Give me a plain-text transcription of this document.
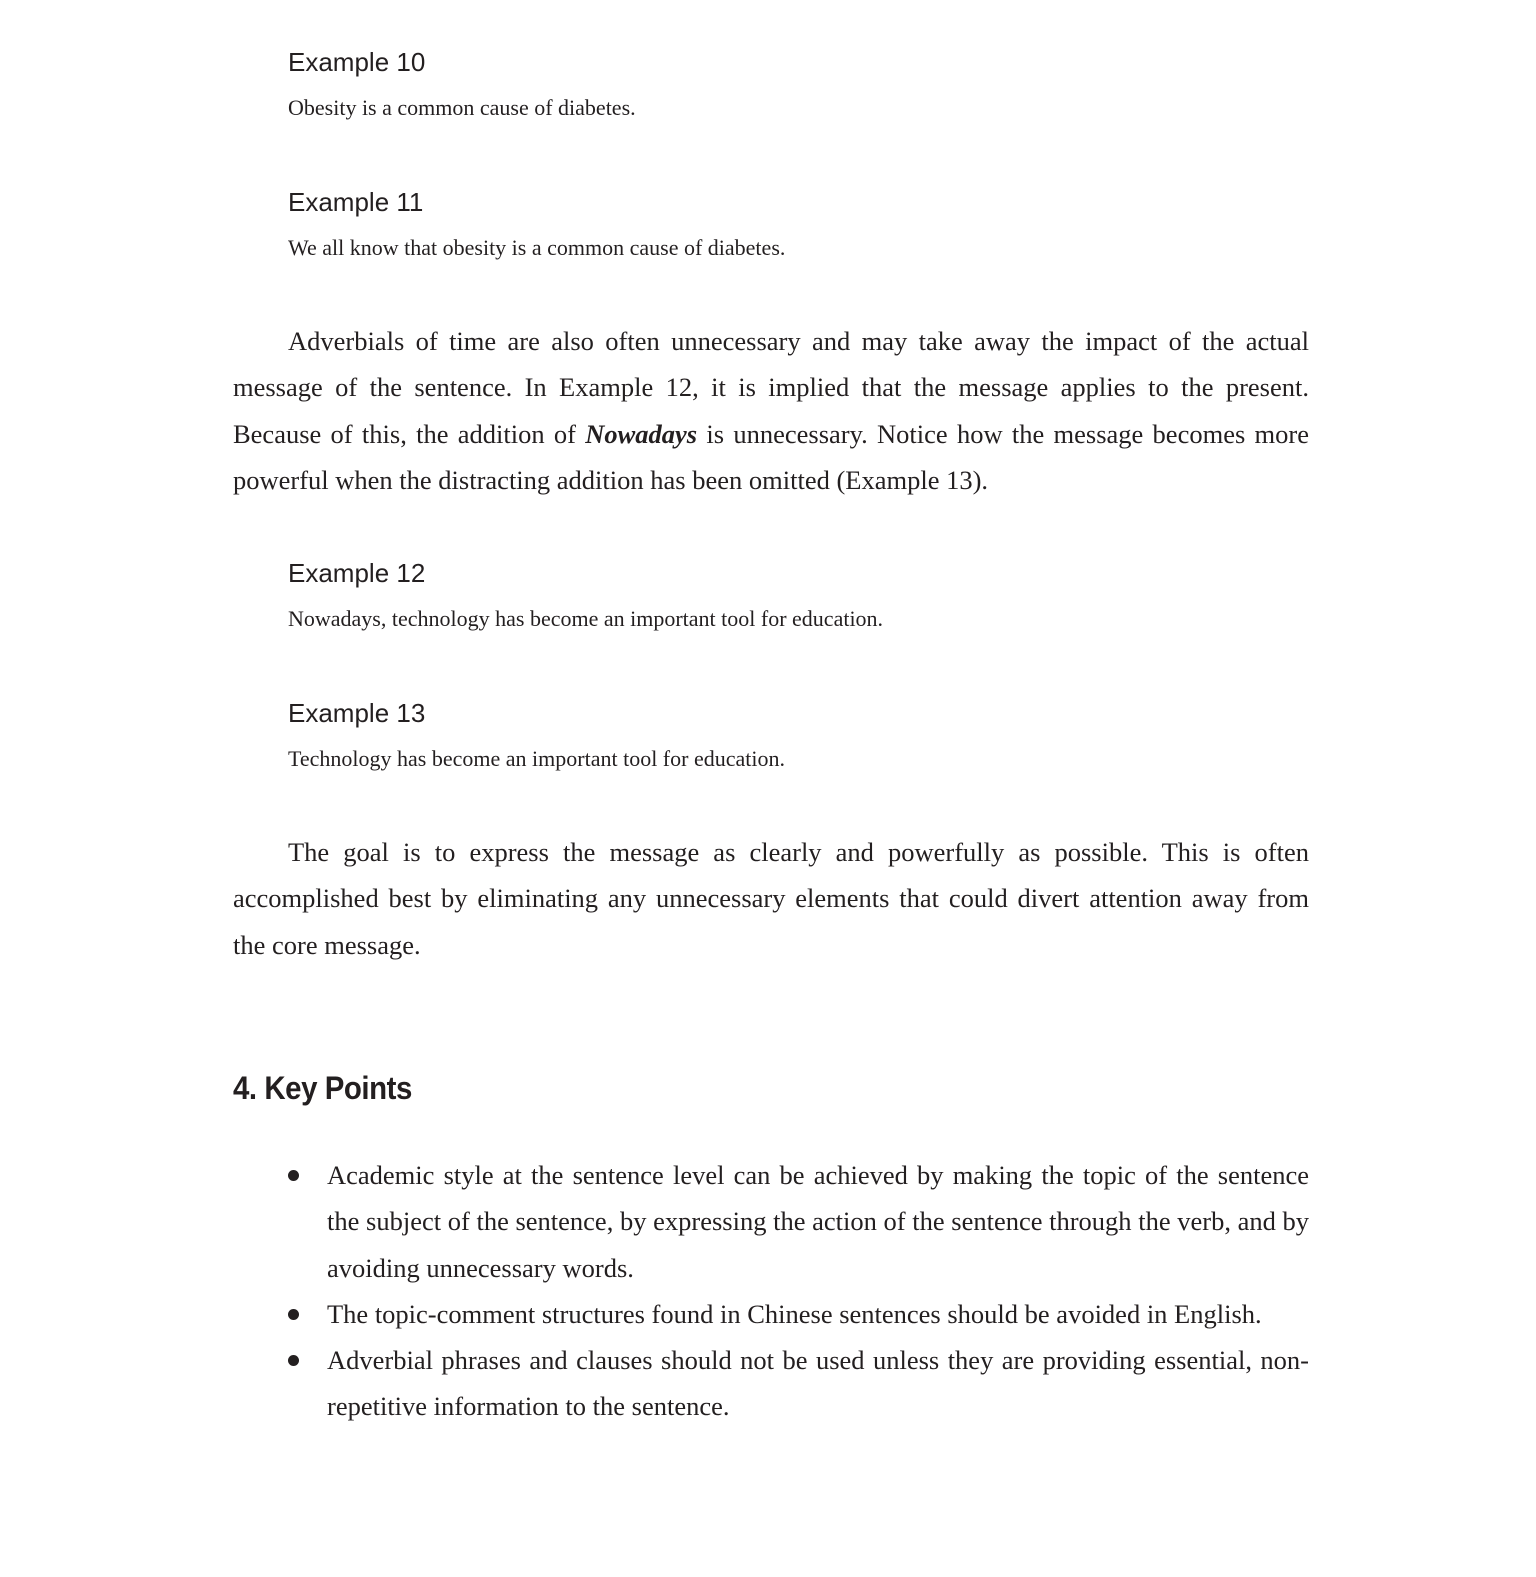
Example 10
Obesity is a common cause of diabetes.
Example 11
We all know that obesity is a common cause of diabetes.

Adverbials of time are also often unnecessary and may take away the impact of the actual message of the sentence. In Example 12, it is implied that the message applies to the present. Because of this, the addition of Nowadays is unnecessary. Notice how the message becomes more powerful when the distracting addition has been omitted (Example 13).

Example 12
Nowadays, technology has become an important tool for education.
Example 13
Technology has become an important tool for education.

The goal is to express the message as clearly and powerfully as possible. This is often accomplished best by eliminating any unnecessary elements that could divert attention away from the core message.

4. Key Points
Academic style at the sentence level can be achieved by making the topic of the sentence the subject of the sentence, by expressing the action of the sentence through the verb, and by avoiding unnecessary words.
The topic-comment structures found in Chinese sentences should be avoided in English.
Adverbial phrases and clauses should not be used unless they are providing essential, non-repetitive information to the sentence.
